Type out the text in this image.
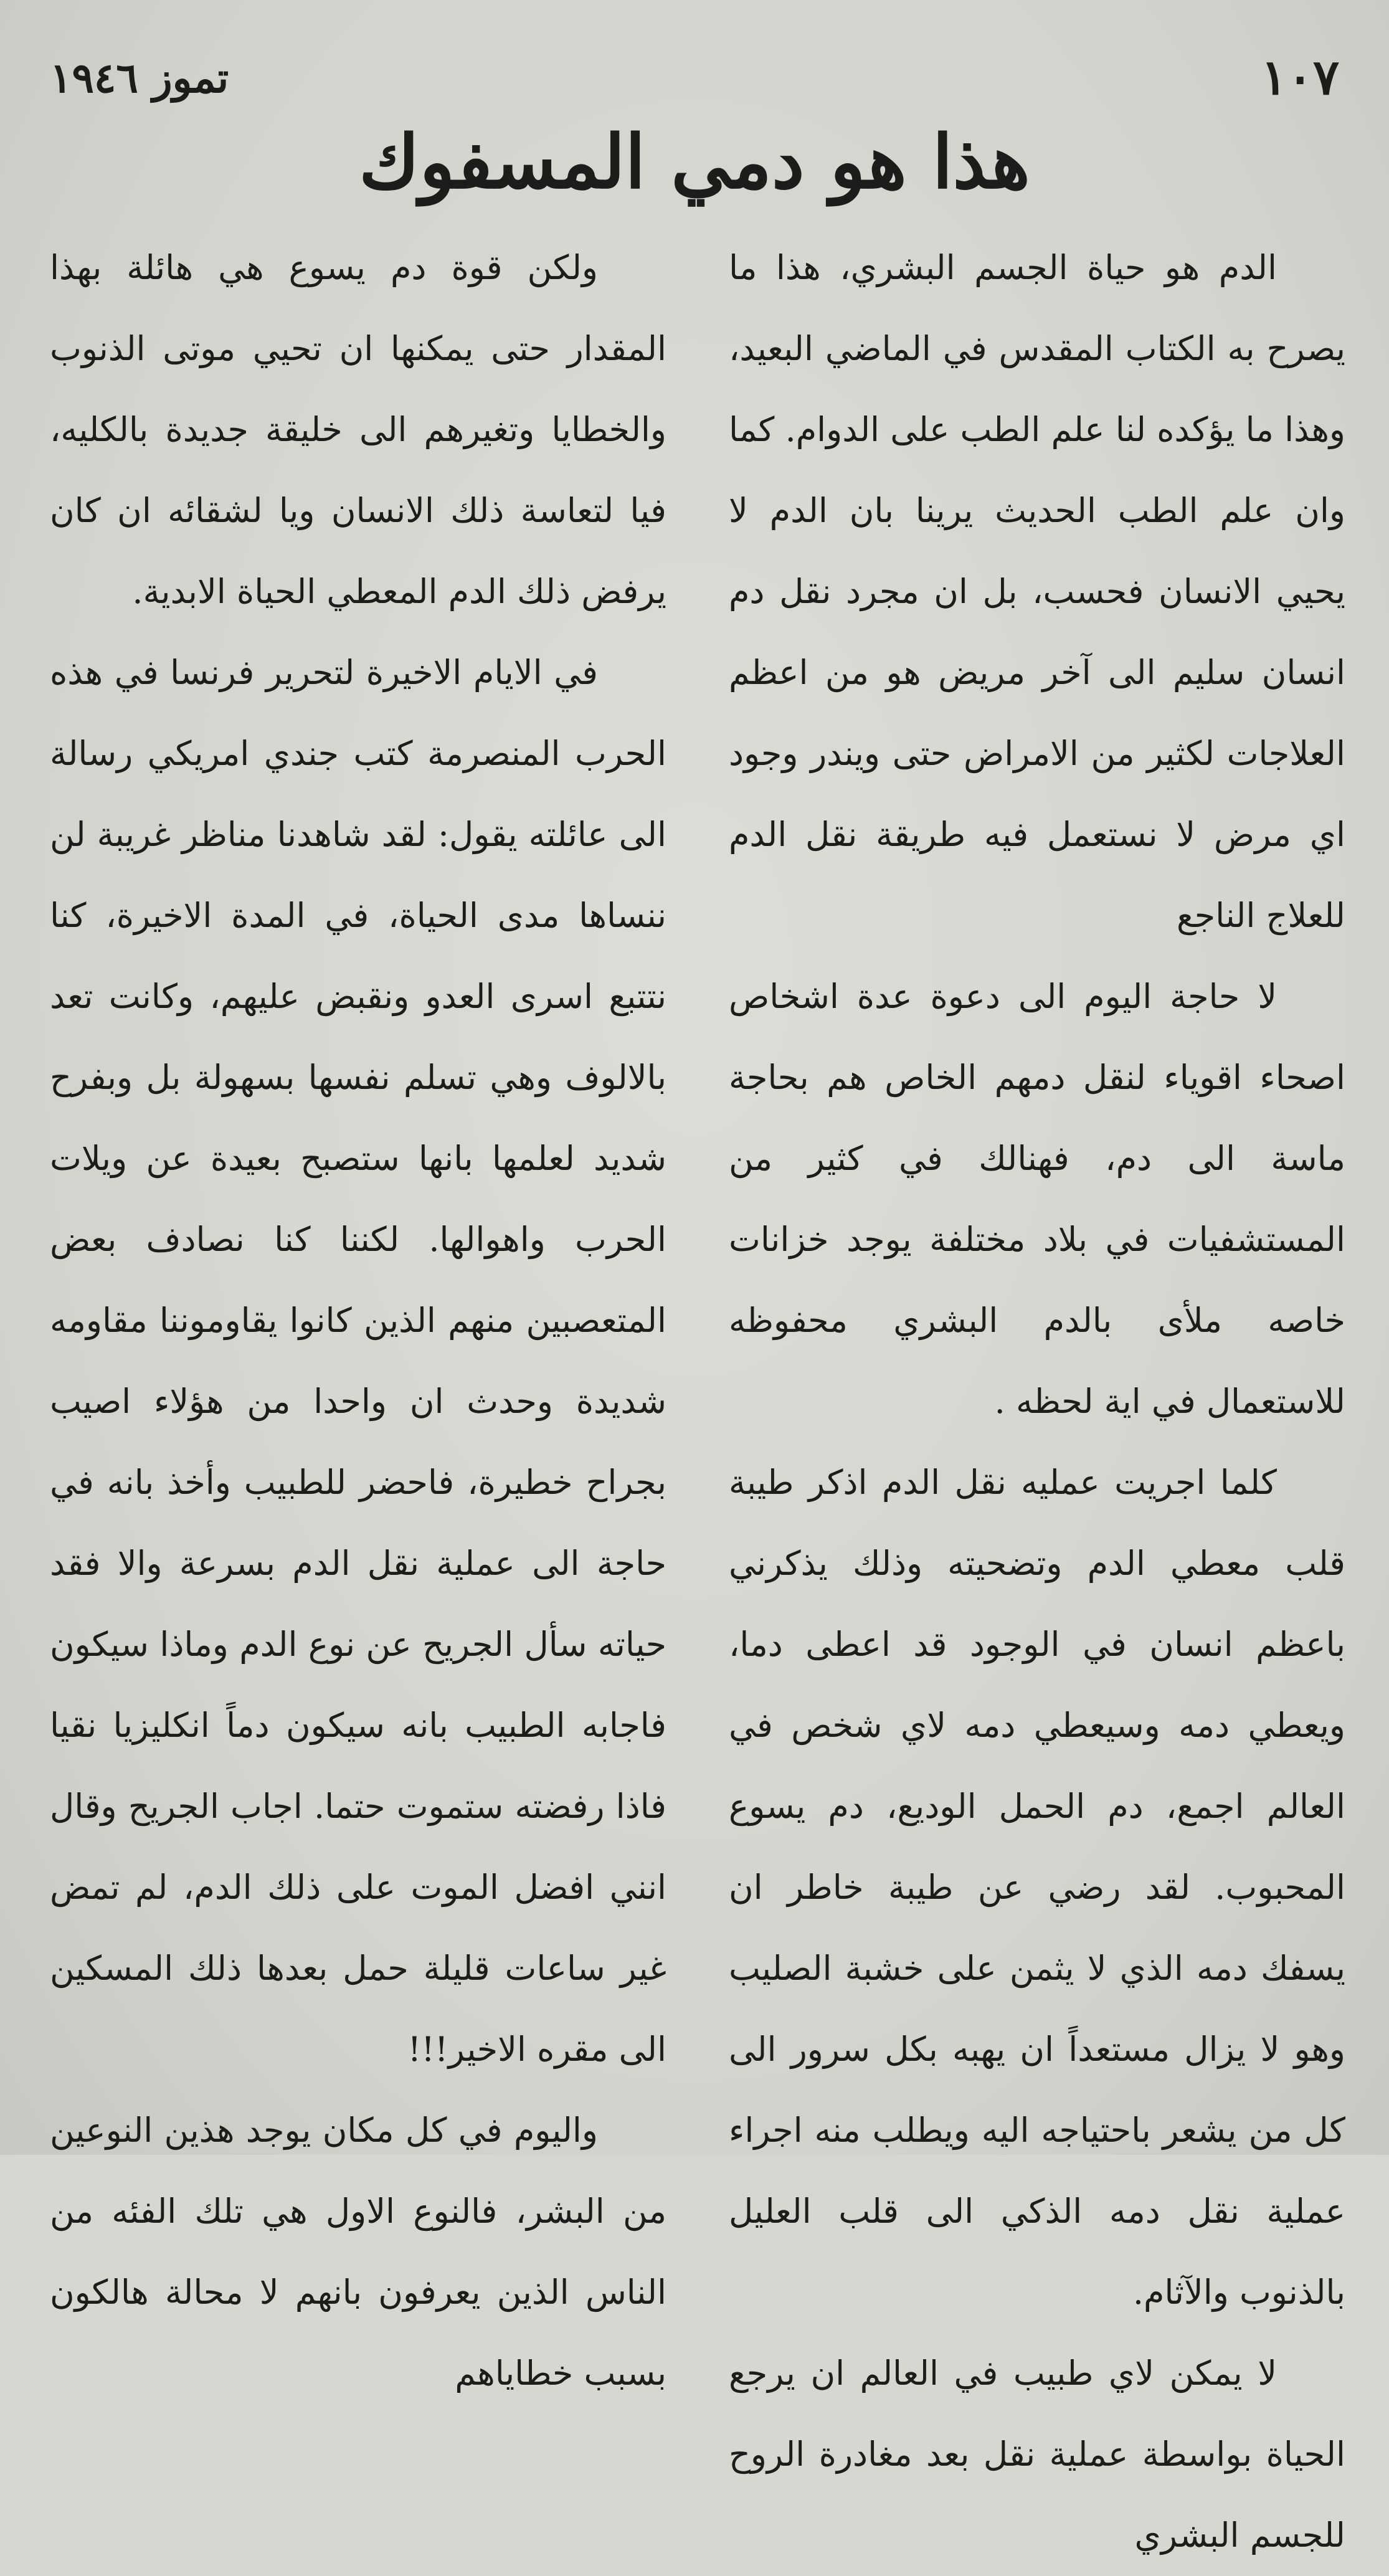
١٠٧
تموز ١٩٤٦
هذا هو دمي المسفوك

الدم هو حياة الجسم البشري، هذا ما يصرح به الكتاب المقدس في الماضي البعيد، وهذا ما يؤكده لنا علم الطب على الدوام. كما وان علم الطب الحديث يرينا بان الدم لا يحيي الانسان فحسب، بل ان مجرد نقل دم انسان سليم الى آخر مريض هو من اعظم العلاجات لكثير من الامراض حتى ويندر وجود اي مرض لا نستعمل فيه طريقة نقل الدم للعلاج الناجع

لا حاجة اليوم الى دعوة عدة اشخاص اصحاء اقوياء لنقل دمهم الخاص هم بحاجة ماسة الى دم، فهنالك في كثير من المستشفيات في بلاد مختلفة يوجد خزانات خاصه ملأى بالدم البشري محفوظه للاستعمال في اية لحظه .

كلما اجريت عمليه نقل الدم اذكر طيبة قلب معطي الدم وتضحيته وذلك يذكرني باعظم انسان في الوجود قد اعطى دما، ويعطي دمه وسيعطي دمه لاي شخص في العالم اجمع، دم الحمل الوديع، دم يسوع المحبوب. لقد رضي عن طيبة خاطر ان يسفك دمه الذي لا يثمن على خشبة الصليب وهو لا يزال مستعداً ان يهبه بكل سرور الى كل من يشعر باحتياجه اليه ويطلب منه اجراء عملية نقل دمه الذكي الى قلب العليل بالذنوب والآثام.

لا يمكن لاي طبيب في العالم ان يرجع الحياة بواسطة عملية نقل بعد مغادرة الروح للجسم البشري

ولكن قوة دم يسوع هي هائلة بهذا المقدار حتى يمكنها ان تحيي موتى الذنوب والخطايا وتغيرهم الى خليقة جديدة بالكليه، فيا لتعاسة ذلك الانسان ويا لشقائه ان كان يرفض ذلك الدم المعطي الحياة الابدية.

في الايام الاخيرة لتحرير فرنسا في هذه الحرب المنصرمة كتب جندي امريكي رسالة الى عائلته يقول: لقد شاهدنا مناظر غريبة لن ننساها مدى الحياة، في المدة الاخيرة، كنا نتتبع اسرى العدو ونقبض عليهم، وكانت تعد بالالوف وهي تسلم نفسها بسهولة بل وبفرح شديد لعلمها بانها ستصبح بعيدة عن ويلات الحرب واهوالها. لكننا كنا نصادف بعض المتعصبين منهم الذين كانوا يقاوموننا مقاومه شديدة وحدث ان واحدا من هؤلاء اصيب بجراح خطيرة، فاحضر للطبيب وأخذ بانه في حاجة الى عملية نقل الدم بسرعة والا فقد حياته سأل الجريح عن نوع الدم وماذا سيكون فاجابه الطبيب بانه سيكون دماً انكليزيا نقيا فاذا رفضته ستموت حتما. اجاب الجريح وقال انني افضل الموت على ذلك الدم، لم تمض غير ساعات قليلة حمل بعدها ذلك المسكين الى مقره الاخير!!!

واليوم في كل مكان يوجد هذين النوعين من البشر، فالنوع الاول هي تلك الفئه من الناس الذين يعرفون بانهم لا محالة هالكون بسبب خطاياهم
